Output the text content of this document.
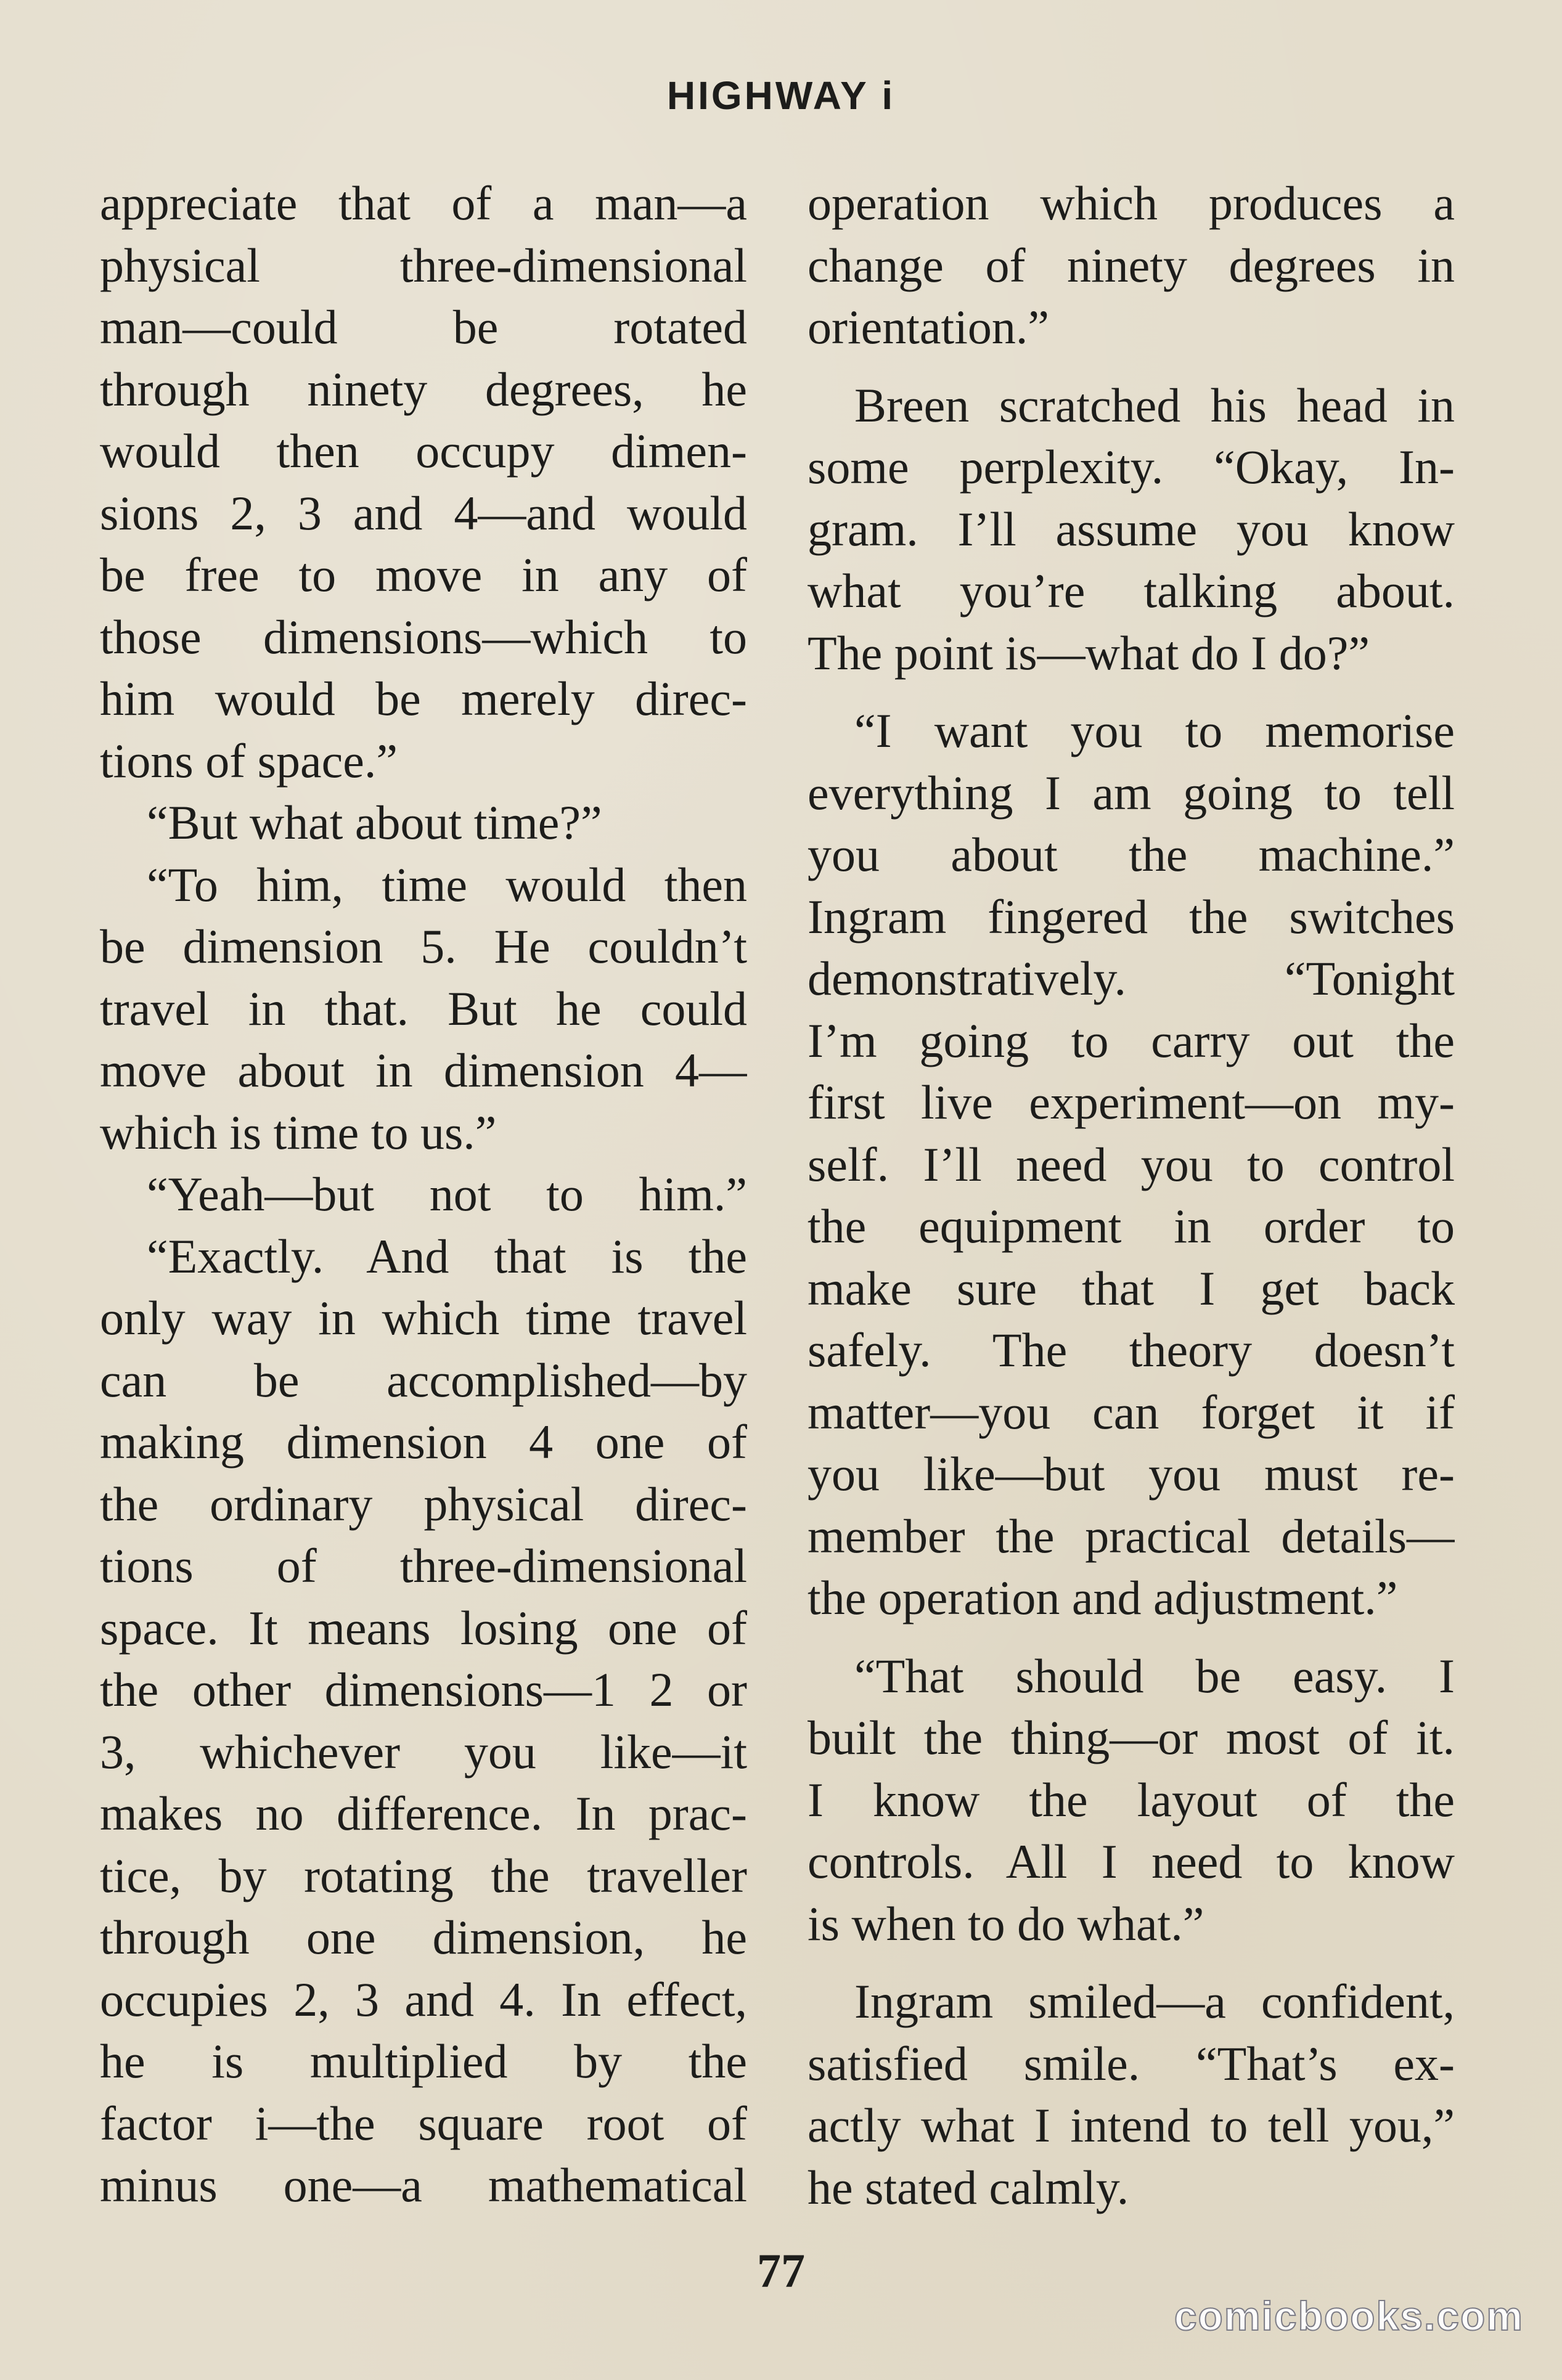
HIGHWAY i
appreciate that of a man—a
physical three-dimensional
man—could be rotated
through ninety degrees, he
would then occupy dimen-
sions 2, 3 and 4—and would
be free to move in any of
those dimensions—which to
him would be merely direc-
tions of space.”
“But what about time?”
“To him, time would then
be dimension 5. He couldn’t
travel in that. But he could
move about in dimension 4—
which is time to us.”
“Yeah—but not to him.”
“Exactly. And that is the
only way in which time travel
can be accomplished—by
making dimension 4 one of
the ordinary physical direc-
tions of three-dimensional
space. It means losing one of
the other dimensions—1 2 or
3, whichever you like—it
makes no difference. In prac-
tice, by rotating the traveller
through one dimension, he
occupies 2, 3 and 4. In effect,
he is multiplied by the
factor i—the square root of
minus one—a mathematical
operation which produces a
change of ninety degrees in
orientation.”
Breen scratched his head in
some perplexity. “Okay, In-
gram. I’ll assume you know
what you’re talking about.
The point is—what do I do?”
“I want you to memorise
everything I am going to tell
you about the machine.”
Ingram fingered the switches
demonstratively. “Tonight
I’m going to carry out the
first live experiment—on my-
self. I’ll need you to control
the equipment in order to
make sure that I get back
safely. The theory doesn’t
matter—you can forget it if
you like—but you must re-
member the practical details—
the operation and adjustment.”
“That should be easy. I
built the thing—or most of it.
I know the layout of the
controls. All I need to know
is when to do what.”
Ingram smiled—a confident,
satisfied smile. “That’s ex-
actly what I intend to tell you,”
he stated calmly.
77
comicbooks.com
